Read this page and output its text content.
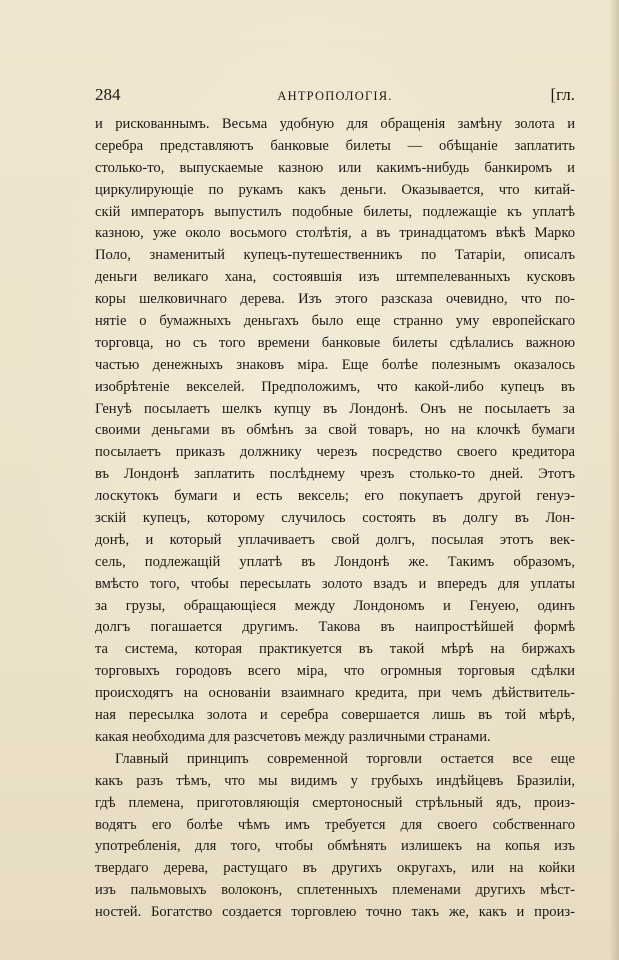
284	АНТРОПОЛОГІЯ.	[гл.
и рискованнымъ. Весьма удобную для обращенія замѣну золота и
серебра представляютъ банковые билеты — обѣщаніе заплатить
столько-то, выпускаемые казною или какимъ-нибудь банкиромъ и
циркулирующіе по рукамъ какъ деньги. Оказывается, что китай-
скій императоръ выпустилъ подобные билеты, подлежащіе къ уплатѣ
казною, уже около восьмого столѣтія, а въ тринадцатомъ вѣкѣ Марко
Поло, знаменитый купецъ-путешественникъ по Татаріи, описалъ
деньги великаго хана, состоявшія изъ штемпелеванныхъ кусковъ
коры шелковичнаго дерева. Изъ этого разсказа очевидно, что по-
нятіе о бумажныхъ деньгахъ было еще странно уму европейскаго
торговца, но съ того времени банковые билеты сдѣлались важною
частью денежныхъ знаковъ міра. Еще болѣе полезнымъ оказалось
изобрѣтеніе векселей. Предположимъ, что какой-либо купецъ въ
Генуѣ посылаетъ шелкъ купцу въ Лондонѣ. Онъ не посылаетъ за
своими деньгами въ обмѣнъ за свой товаръ, но на клочкѣ бумаги
посылаетъ приказъ должнику черезъ посредство своего кредитора
въ Лондонѣ заплатить послѣднему чрезъ столько-то дней. Этотъ
лоскутокъ бумаги и есть вексель; его покупаетъ другой генуэ-
зскій купецъ, которому случилось состоять въ долгу въ Лон-
донѣ, и который уплачиваетъ свой долгъ, посылая этотъ век-
сель, подлежащій уплатѣ въ Лондонѣ же. Такимъ образомъ,
вмѣсто того, чтобы пересылать золото взадъ и впередъ для уплаты
за грузы, обращающіеся между Лондономъ и Генуею, одинъ
долгъ погашается другимъ. Такова въ наипростѣйшей формѣ
та система, которая практикуется въ такой мѣрѣ на биржахъ
торговыхъ городовъ всего міра, что огромныя торговыя сдѣлки
происходятъ на основаніи взаимнаго кредита, при чемъ дѣйствитель-
ная пересылка золота и серебра совершается лишь въ той мѣрѣ,
какая необходима для разсчетовъ между различными странами.
Главный принципъ современной торговли остается все еще
какъ разъ тѣмъ, что мы видимъ у грубыхъ индѣйцевъ Бразиліи,
гдѣ племена, приготовляющія смертоносный стрѣльный ядъ, произ-
водятъ его болѣе чѣмъ имъ требуется для своего собственнаго
употребленія, для того, чтобы обмѣнять излишекъ на копья изъ
твердаго дерева, растущаго въ другихъ округахъ, или на койки
изъ пальмовыхъ волоконъ, сплетенныхъ племенами другихъ мѣст-
ностей. Богатство создается торговлею точно такъ же, какъ и произ-
